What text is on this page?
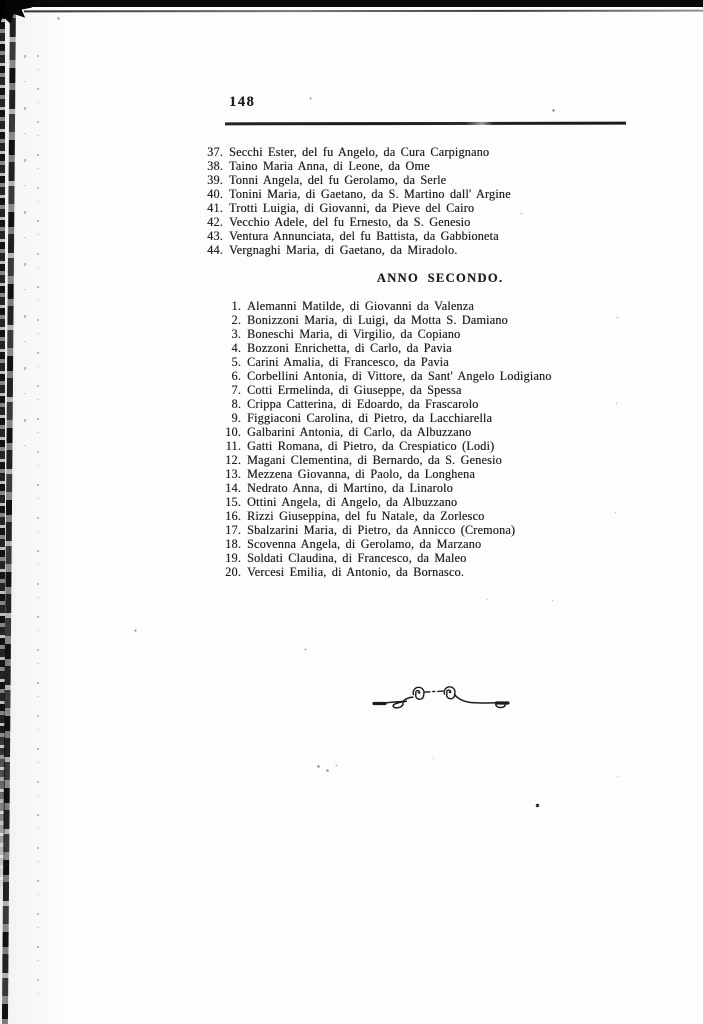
148
37. Secchi Ester, del fu Angelo, da Cura Carpignano
38. Taino Maria Anna, di Leone, da Ome
39. Tonni Angela, del fu Gerolamo, da Serle
40. Tonini Maria, di Gaetano, da S. Martino dall' Argine
41. Trotti Luigia, di Giovanni, da Pieve del Cairo
42. Vecchio Adele, del fu Ernesto, da S. Genesio
43. Ventura Annunciata, del fu Battista, da Gabbioneta
44. Vergnaghi Maria, di Gaetano, da Miradolo.
ANNO SECONDO.
1. Alemanni Matilde, di Giovanni da Valenza
2. Bonizzoni Maria, di Luigi, da Motta S. Damiano
3. Boneschi Maria, di Virgilio, da Copiano
4. Bozzoni Enrichetta, di Carlo, da Pavia
5. Carini Amalia, di Francesco, da Pavia
6. Corbellini Antonia, di Vittore, da Sant' Angelo Lodigiano
7. Cotti Ermelinda, di Giuseppe, da Spessa
8. Crippa Catterina, di Edoardo, da Frascarolo
9. Figgiaconi Carolina, di Pietro, da Lacchiarella
10. Galbarini Antonia, di Carlo, da Albuzzano
11. Gatti Romana, di Pietro, da Crespiatico (Lodi)
12. Magani Clementina, di Bernardo, da S. Genesio
13. Mezzena Giovanna, di Paolo, da Longhena
14. Nedrato Anna, di Martino, da Linarolo
15. Ottini Angela, di Angelo, da Albuzzano
16. Rizzi Giuseppina, del fu Natale, da Zorlesco
17. Sbalzarini Maria, di Pietro, da Annicco (Cremona)
18. Scovenna Angela, di Gerolamo, da Marzano
19. Soldati Claudina, di Francesco, da Maleo
20. Vercesi Emilia, di Antonio, da Bornasco.
